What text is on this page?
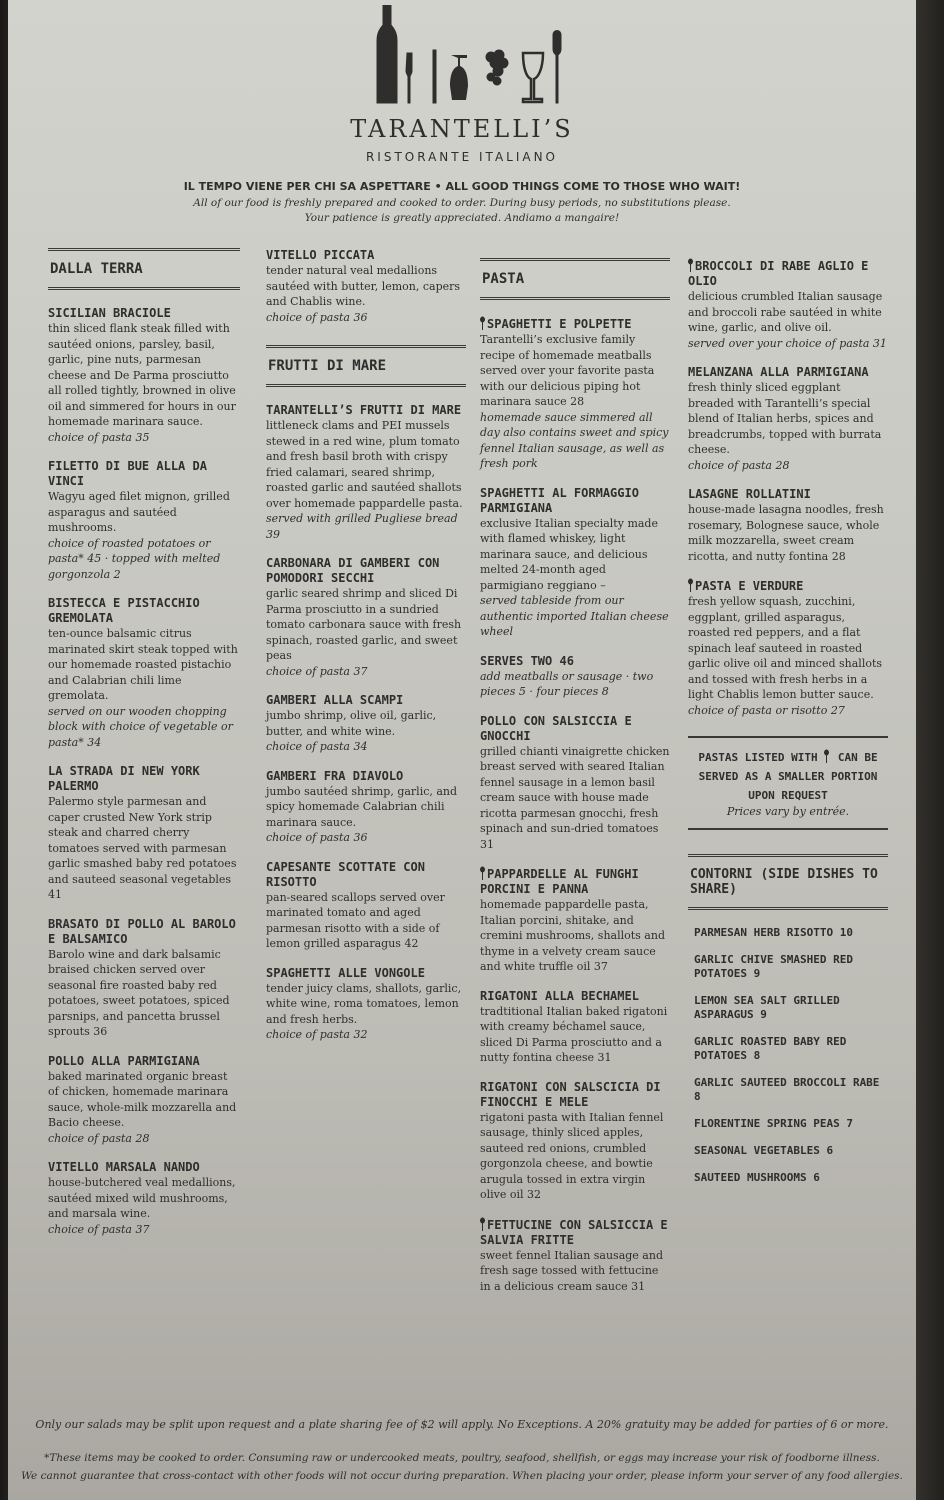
TARANTELLI’S
RISTORANTE ITALIANO
IL TEMPO VIENE PER CHI SA ASPETTARE • ALL GOOD THINGS COME TO THOSE WHO WAIT!
All of our food is freshly prepared and cooked to order. During busy periods, no substitutions please.
Your patience is greatly appreciated. Andiamo a mangaire!
DALLA TERRA
SICILIAN BRACIOLE
thin sliced flank steak filled with sautéed onions, parsley, basil, garlic, pine nuts, parmesan cheese and De Parma prosciutto all rolled tightly, browned in olive oil and simmered for hours in our homemade marinara sauce.
choice of pasta 35
FILETTO DI BUE ALLA DA VINCI
Wagyu aged filet mignon, grilled asparagus and sautéed mushrooms.
choice of roasted potatoes or pasta* 45 · topped with melted gorgonzola 2
BISTECCA E PISTACCHIO GREMOLATA
ten-ounce balsamic citrus marinated skirt steak topped with our homemade roasted pistachio and Calabrian chili lime gremolata.
served on our wooden chopping block with choice of vegetable or pasta* 34
LA STRADA DI NEW YORK PALERMO
Palermo style parmesan and caper crusted New York strip steak and charred cherry tomatoes served with parmesan garlic smashed baby red potatoes and sauteed seasonal vegetables 41
BRASATO DI POLLO AL BAROLO E BALSAMICO
Barolo wine and dark balsamic braised chicken served over seasonal fire roasted baby red potatoes, sweet potatoes, spiced parsnips, and pancetta brussel sprouts 36
POLLO ALLA PARMIGIANA
baked marinated organic breast of chicken, homemade marinara sauce, whole-milk mozzarella and Bacio cheese.
choice of pasta 28
VITELLO MARSALA NANDO
house-butchered veal medallions, sautéed mixed wild mushrooms, and marsala wine.
choice of pasta 37
VITELLO PICCATA
tender natural veal medallions sautéed with butter, lemon, capers and Chablis wine.
choice of pasta 36
FRUTTI DI MARE
TARANTELLI’S FRUTTI DI MARE
littleneck clams and PEI mussels stewed in a red wine, plum tomato and fresh basil broth with crispy fried calamari, seared shrimp, roasted garlic and sautéed shallots over homemade pappardelle pasta.
served with grilled Pugliese bread 39
CARBONARA DI GAMBERI CON POMODORI SECCHI
garlic seared shrimp and sliced Di Parma prosciutto in a sundried tomato carbonara sauce with fresh spinach, roasted garlic, and sweet peas
choice of pasta 37
GAMBERI ALLA SCAMPI
jumbo shrimp, olive oil, garlic, butter, and white wine.
choice of pasta 34
GAMBERI FRA DIAVOLO
jumbo sautéed shrimp, garlic, and spicy homemade Calabrian chili marinara sauce.
choice of pasta 36
CAPESANTE SCOTTATE CON RISOTTO
pan-seared scallops served over marinated tomato and aged parmesan risotto with a side of lemon grilled asparagus 42
SPAGHETTI ALLE VONGOLE
tender juicy clams, shallots, garlic, white wine, roma tomatoes, lemon and fresh herbs.
choice of pasta 32
PASTA
SPAGHETTI E POLPETTE
Tarantelli’s exclusive family recipe of homemade meatballs served over your favorite pasta with our delicious piping hot marinara sauce 28
homemade sauce simmered all day also contains sweet and spicy fennel Italian sausage, as well as fresh pork
SPAGHETTI AL FORMAGGIO PARMIGIANA
exclusive Italian specialty made with flamed whiskey, light marinara sauce, and delicious melted 24-month aged parmigiano reggiano –
served tableside from our authentic imported Italian cheese wheel
SERVES TWO 46
add meatballs or sausage · two pieces 5 · four pieces 8
POLLO CON SALSICCIA E GNOCCHI
grilled chianti vinaigrette chicken breast served with seared Italian fennel sausage in a lemon basil cream sauce with house made ricotta parmesan gnocchi, fresh spinach and sun-dried tomatoes 31
PAPPARDELLE AL FUNGHI PORCINI E PANNA
homemade pappardelle pasta, Italian porcini, shitake, and cremini mushrooms, shallots and thyme in a velvety cream sauce and white truffle oil 37
RIGATONI ALLA BECHAMEL
tradtitional Italian baked rigatoni with creamy béchamel sauce, sliced Di Parma prosciutto and a nutty fontina cheese 31
RIGATONI CON SALSCICIA DI FINOCCHI E MELE
rigatoni pasta with Italian fennel sausage, thinly sliced apples, sauteed red onions, crumbled gorgonzola cheese, and bowtie arugula tossed in extra virgin olive oil 32
FETTUCINE CON SALSICCIA E SALVIA FRITTE
sweet fennel Italian sausage and fresh sage tossed with fettucine in a delicious cream sauce 31
BROCCOLI DI RABE AGLIO E OLIO
delicious crumbled Italian sausage and broccoli rabe sautéed in white wine, garlic, and olive oil.
served over your choice of pasta 31
MELANZANA ALLA PARMIGIANA
fresh thinly sliced eggplant breaded with Tarantelli’s special blend of Italian herbs, spices and breadcrumbs, topped with burrata cheese.
choice of pasta 28
LASAGNE ROLLATINI
house-made lasagna noodles, fresh rosemary, Bolognese sauce, whole milk mozzarella, sweet cream ricotta, and nutty fontina 28
PASTA E VERDURE
fresh yellow squash, zucchini, eggplant, grilled asparagus, roasted red peppers, and a flat spinach leaf sauteed in roasted garlic olive oil and minced shallots and tossed with fresh herbs in a light Chablis lemon butter sauce.
choice of pasta or risotto 27
PASTAS LISTED WITH CAN BE SERVED AS A SMALLER PORTION UPON REQUEST
Prices vary by entrée.
CONTORNI (SIDE DISHES TO SHARE)
PARMESAN HERB RISOTTO 10
GARLIC CHIVE SMASHED RED POTATOES 9
LEMON SEA SALT GRILLED ASPARAGUS 9
GARLIC ROASTED BABY RED POTATOES 8
GARLIC SAUTEED BROCCOLI RABE 8
FLORENTINE SPRING PEAS 7
SEASONAL VEGETABLES 6
SAUTEED MUSHROOMS 6
Only our salads may be split upon request and a plate sharing fee of $2 will apply. No Exceptions. A 20% gratuity may be added for parties of 6 or more.
*These items may be cooked to order. Consuming raw or undercooked meats, poultry, seafood, shellfish, or eggs may increase your risk of foodborne illness.
We cannot guarantee that cross-contact with other foods will not occur during preparation. When placing your order, please inform your server of any food allergies.
